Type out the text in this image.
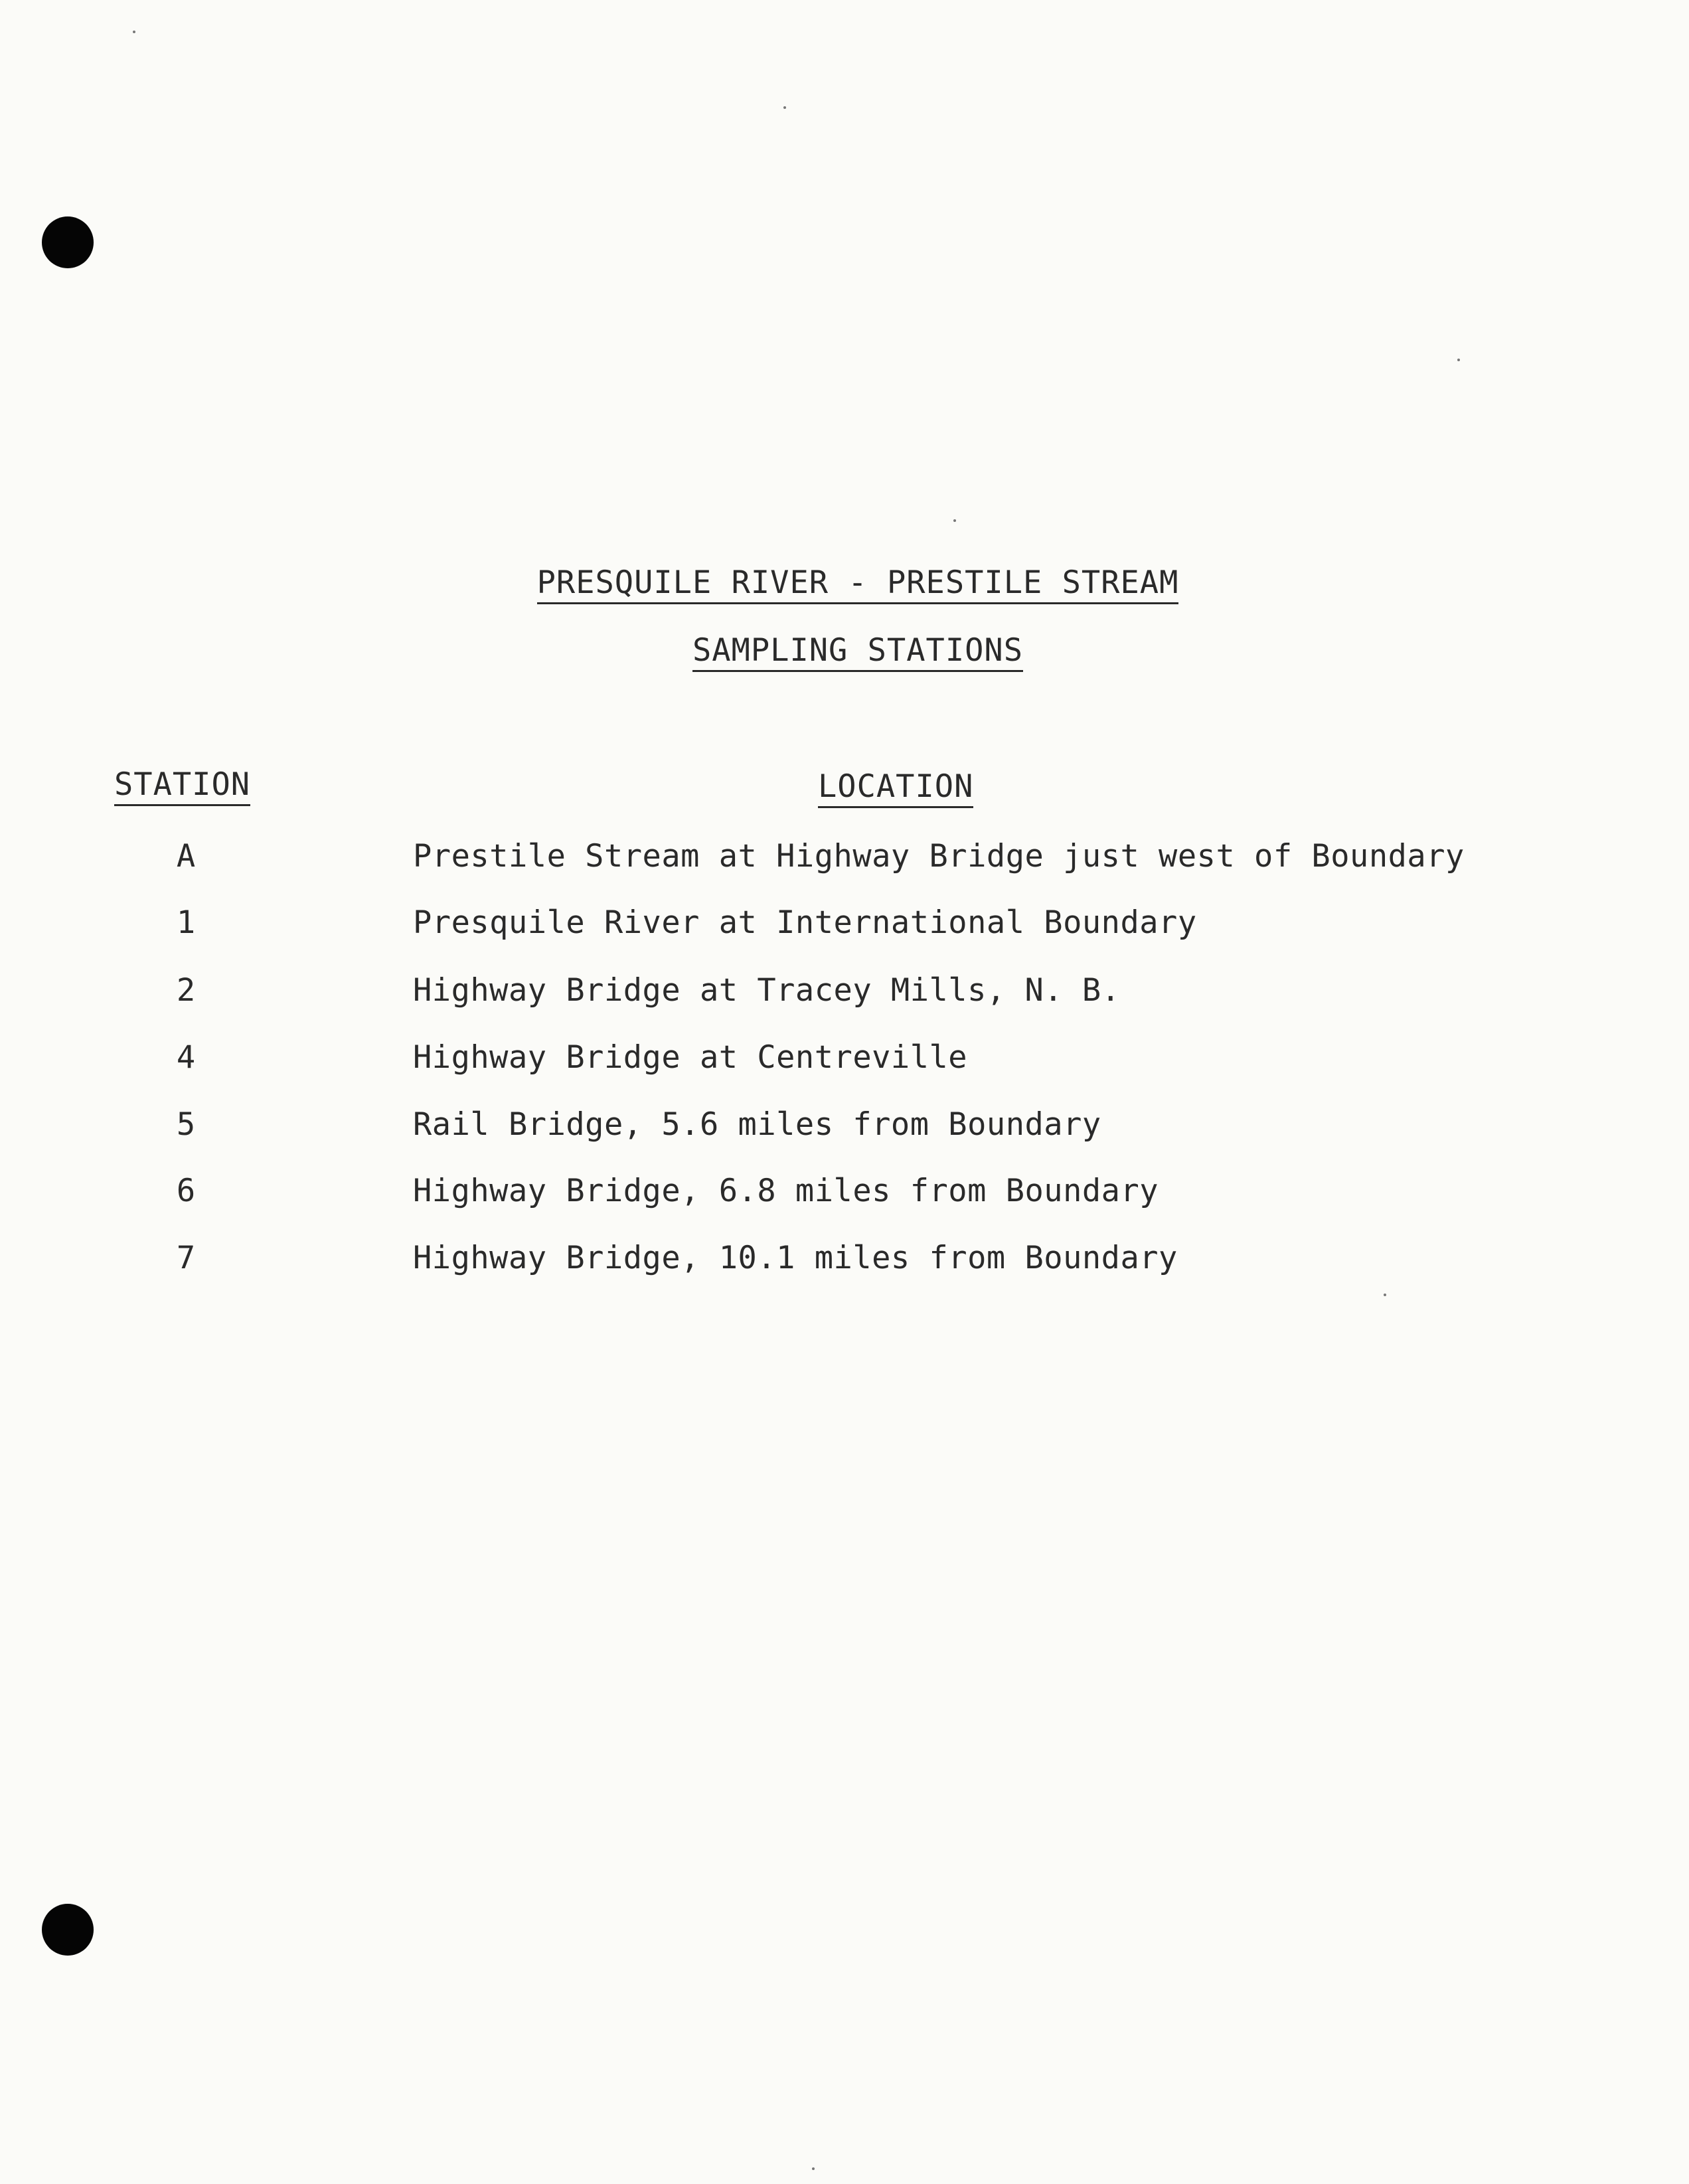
PRESQUILE RIVER - PRESTILE STREAM
SAMPLING STATIONS
STATION	LOCATION
A	Prestile Stream at Highway Bridge just west of Boundary
1	Presquile River at International Boundary
2	Highway Bridge at Tracey Mills, N. B.
4	Highway Bridge at Centreville
5	Rail Bridge, 5.6 miles from Boundary
6	Highway Bridge, 6.8 miles from Boundary
7	Highway Bridge, 10.1 miles from Boundary
